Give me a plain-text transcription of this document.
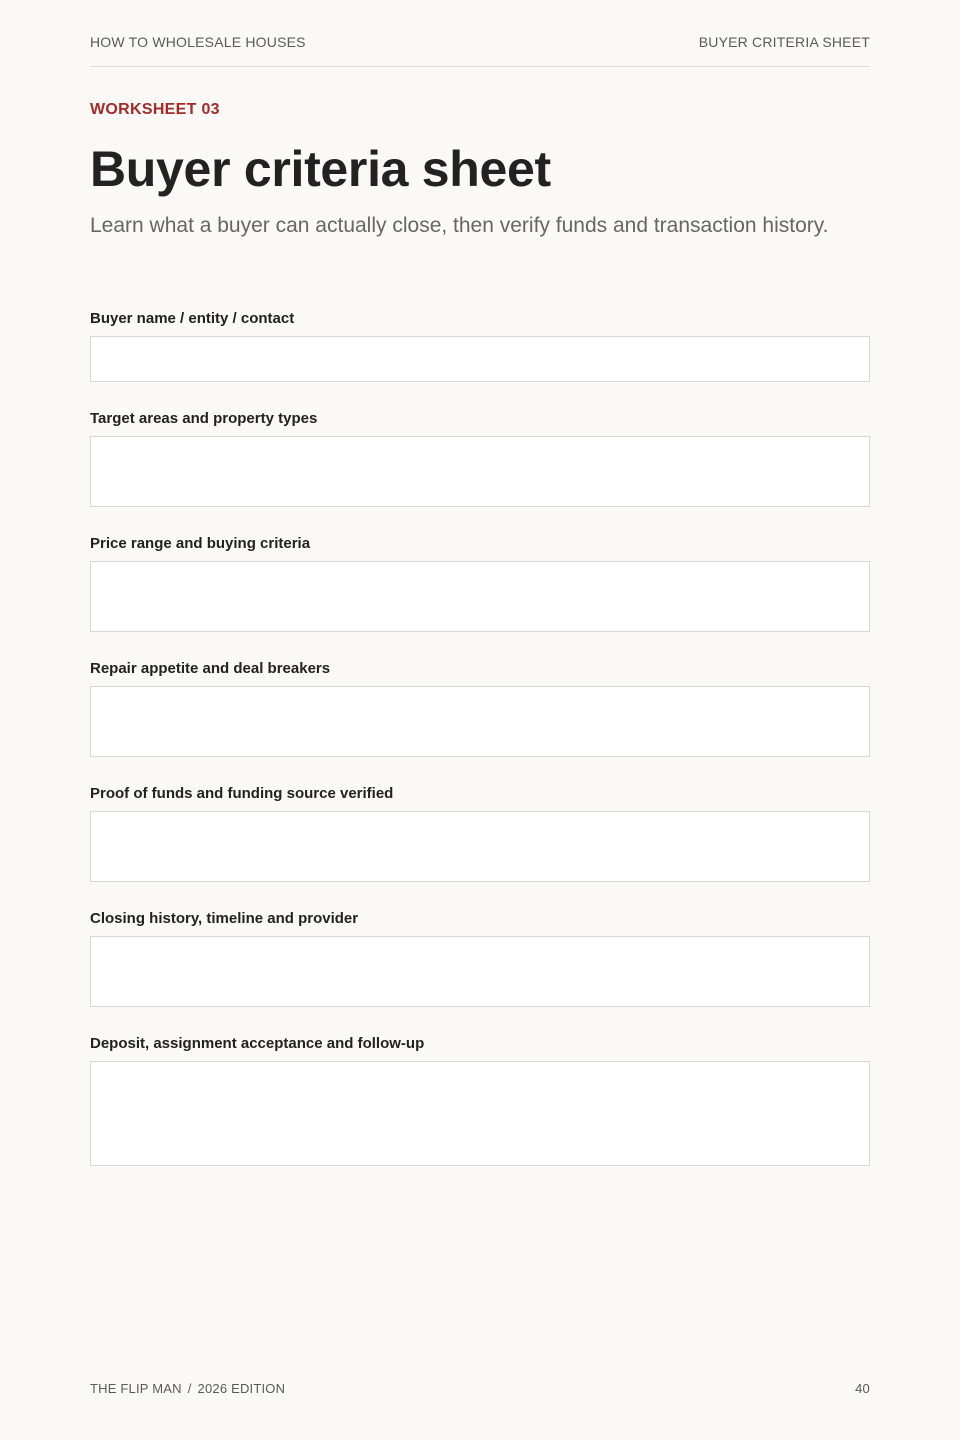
HOW TO WHOLESALE HOUSES	BUYER CRITERIA SHEET
WORKSHEET 03
Buyer criteria sheet

Learn what a buyer can actually close, then verify funds and transaction history.

Buyer name / entity / contact
Target areas and property types
Price range and buying criteria
Repair appetite and deal breakers
Proof of funds and funding source verified
Closing history, timeline and provider
Deposit, assignment acceptance and follow-up
THE FLIP MAN / 2026 EDITION	40
